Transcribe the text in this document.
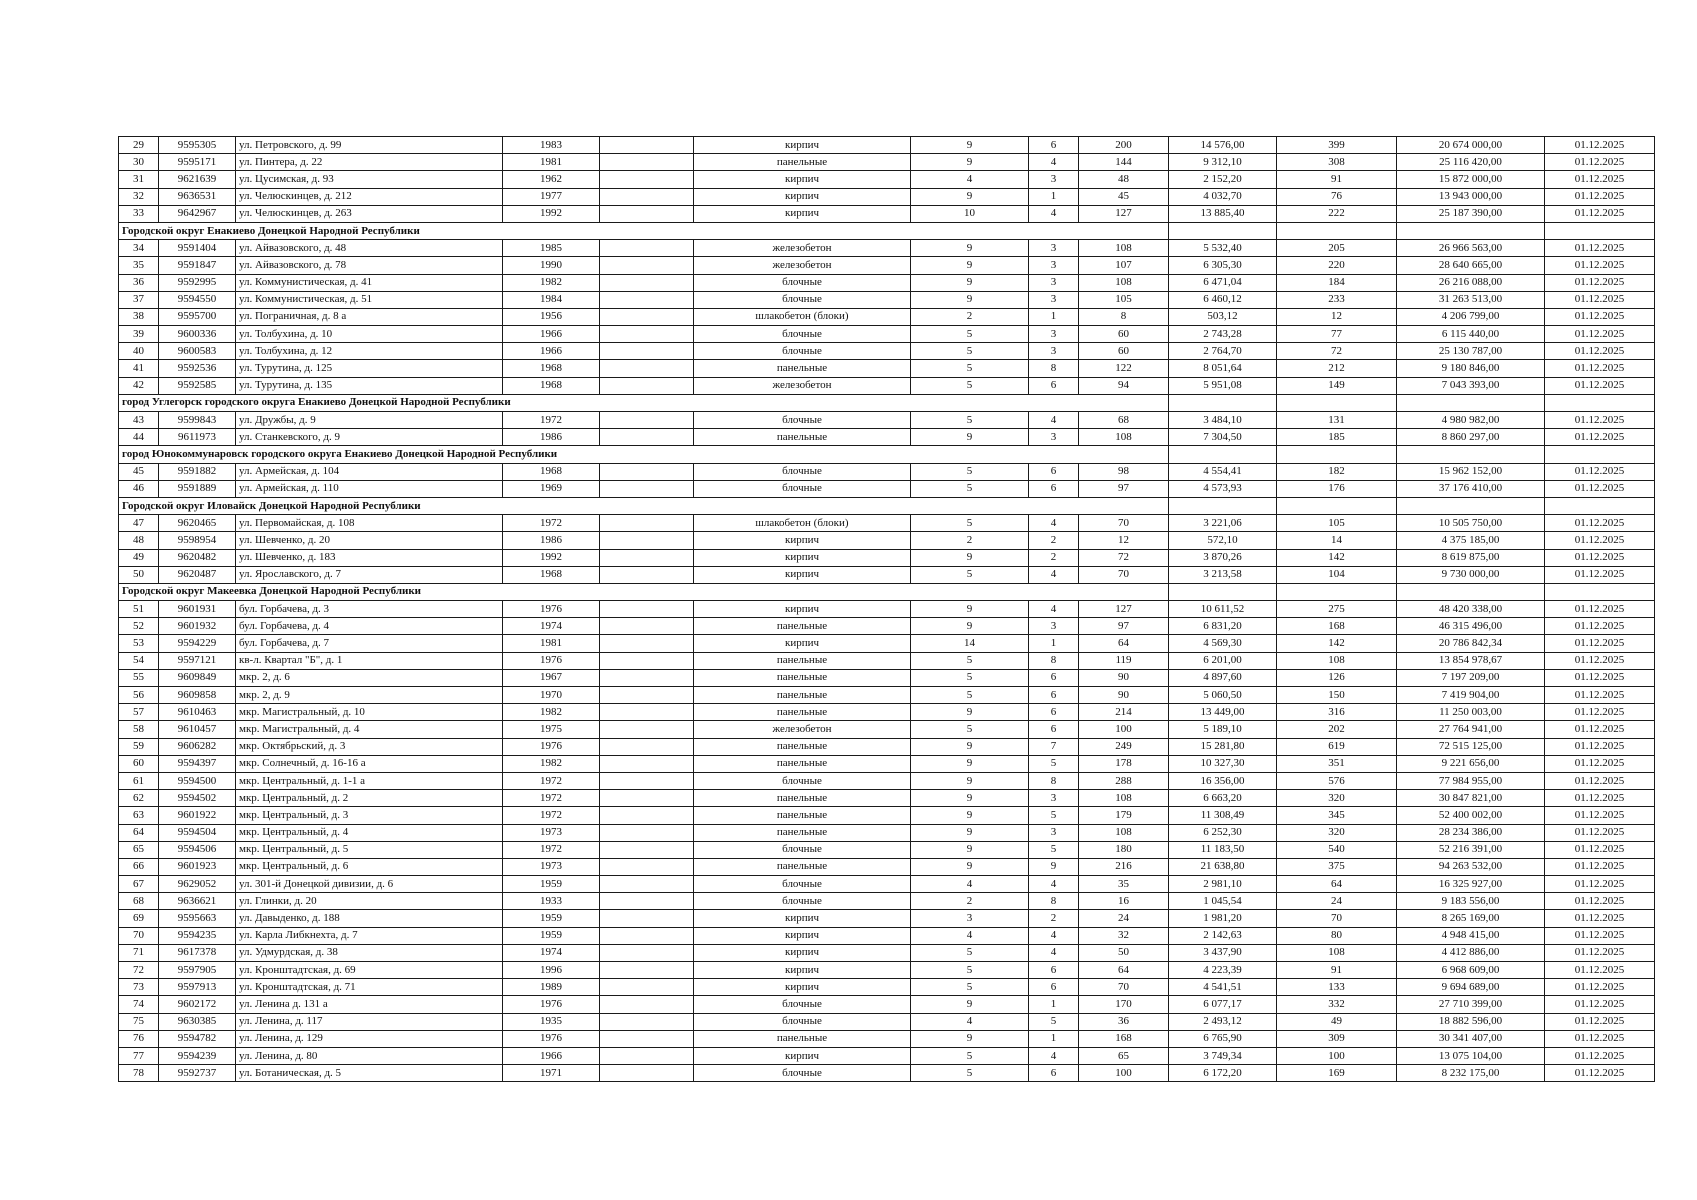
29	9595305	ул. Петровского, д. 99	1983		кирпич	9	6	200	14 576,00	399	20 674 000,00	01.12.2025
30	9595171	ул. Пинтера, д. 22	1981		панельные	9	4	144	9 312,10	308	25 116 420,00	01.12.2025
31	9621639	ул. Цусимская, д. 93	1962		кирпич	4	3	48	2 152,20	91	15 872 000,00	01.12.2025
32	9636531	ул. Челюскинцев, д. 212	1977		кирпич	9	1	45	4 032,70	76	13 943 000,00	01.12.2025
33	9642967	ул. Челюскинцев, д. 263	1992		кирпич	10	4	127	13 885,40	222	25 187 390,00	01.12.2025
Городской округ Енакиево Донецкой Народной Республики												
34	9591404	ул. Айвазовского, д. 48	1985		железобетон	9	3	108	5 532,40	205	26 966 563,00	01.12.2025
35	9591847	ул. Айвазовского, д. 78	1990		железобетон	9	3	107	6 305,30	220	28 640 665,00	01.12.2025
36	9592995	ул. Коммунистическая, д. 41	1982		блочные	9	3	108	6 471,04	184	26 216 088,00	01.12.2025
37	9594550	ул. Коммунистическая, д. 51	1984		блочные	9	3	105	6 460,12	233	31 263 513,00	01.12.2025
38	9595700	ул. Пограничная, д. 8 а	1956		шлакобетон (блоки)	2	1	8	503,12	12	4 206 799,00	01.12.2025
39	9600336	ул. Толбухина, д. 10	1966		блочные	5	3	60	2 743,28	77	6 115 440,00	01.12.2025
40	9600583	ул. Толбухина, д. 12	1966		блочные	5	3	60	2 764,70	72	25 130 787,00	01.12.2025
41	9592536	ул. Турутина, д. 125	1968		панельные	5	8	122	8 051,64	212	9 180 846,00	01.12.2025
42	9592585	ул. Турутина, д. 135	1968		железобетон	5	6	94	5 951,08	149	7 043 393,00	01.12.2025
город Углегорск городского округа Енакиево Донецкой Народной Республики												
43	9599843	ул. Дружбы, д. 9	1972		блочные	5	4	68	3 484,10	131	4 980 982,00	01.12.2025
44	9611973	ул. Станкевского, д. 9	1986		панельные	9	3	108	7 304,50	185	8 860 297,00	01.12.2025
город Юнокоммунаровск городского округа Енакиево Донецкой Народной Республики												
45	9591882	ул. Армейская, д. 104	1968		блочные	5	6	98	4 554,41	182	15 962 152,00	01.12.2025
46	9591889	ул. Армейская, д. 110	1969		блочные	5	6	97	4 573,93	176	37 176 410,00	01.12.2025
Городской округ Иловайск Донецкой Народной Республики												
47	9620465	ул. Первомайская, д. 108	1972		шлакобетон (блоки)	5	4	70	3 221,06	105	10 505 750,00	01.12.2025
48	9598954	ул. Шевченко, д. 20	1986		кирпич	2	2	12	572,10	14	4 375 185,00	01.12.2025
49	9620482	ул. Шевченко, д. 183	1992		кирпич	9	2	72	3 870,26	142	8 619 875,00	01.12.2025
50	9620487	ул. Ярославского, д. 7	1968		кирпич	5	4	70	3 213,58	104	9 730 000,00	01.12.2025
Городской округ Макеевка Донецкой Народной Республики												
51	9601931	бул. Горбачева, д. 3	1976		кирпич	9	4	127	10 611,52	275	48 420 338,00	01.12.2025
52	9601932	бул. Горбачева, д. 4	1974		панельные	9	3	97	6 831,20	168	46 315 496,00	01.12.2025
53	9594229	бул. Горбачева, д. 7	1981		кирпич	14	1	64	4 569,30	142	20 786 842,34	01.12.2025
54	9597121	кв-л. Квартал "Б", д. 1	1976		панельные	5	8	119	6 201,00	108	13 854 978,67	01.12.2025
55	9609849	мкр. 2, д. 6	1967		панельные	5	6	90	4 897,60	126	7 197 209,00	01.12.2025
56	9609858	мкр. 2, д. 9	1970		панельные	5	6	90	5 060,50	150	7 419 904,00	01.12.2025
57	9610463	мкр. Магистральный, д. 10	1982		панельные	9	6	214	13 449,00	316	11 250 003,00	01.12.2025
58	9610457	мкр. Магистральный, д. 4	1975		железобетон	5	6	100	5 189,10	202	27 764 941,00	01.12.2025
59	9606282	мкр. Октябрьский, д. 3	1976		панельные	9	7	249	15 281,80	619	72 515 125,00	01.12.2025
60	9594397	мкр. Солнечный, д. 16-16 а	1982		панельные	9	5	178	10 327,30	351	9 221 656,00	01.12.2025
61	9594500	мкр. Центральный, д. 1-1 а	1972		блочные	9	8	288	16 356,00	576	77 984 955,00	01.12.2025
62	9594502	мкр. Центральный, д. 2	1972		панельные	9	3	108	6 663,20	320	30 847 821,00	01.12.2025
63	9601922	мкр. Центральный, д. 3	1972		панельные	9	5	179	11 308,49	345	52 400 002,00	01.12.2025
64	9594504	мкр. Центральный, д. 4	1973		панельные	9	3	108	6 252,30	320	28 234 386,00	01.12.2025
65	9594506	мкр. Центральный, д. 5	1972		блочные	9	5	180	11 183,50	540	52 216 391,00	01.12.2025
66	9601923	мкр. Центральный, д. 6	1973		панельные	9	9	216	21 638,80	375	94 263 532,00	01.12.2025
67	9629052	ул. 301-й Донецкой дивизии, д. 6	1959		блочные	4	4	35	2 981,10	64	16 325 927,00	01.12.2025
68	9636621	ул. Глинки, д. 20	1933		блочные	2	8	16	1 045,54	24	9 183 556,00	01.12.2025
69	9595663	ул. Давыденко, д. 188	1959		кирпич	3	2	24	1 981,20	70	8 265 169,00	01.12.2025
70	9594235	ул. Карла Либкнехта, д. 7	1959		кирпич	4	4	32	2 142,63	80	4 948 415,00	01.12.2025
71	9617378	ул. Удмурдская, д. 38	1974		кирпич	5	4	50	3 437,90	108	4 412 886,00	01.12.2025
72	9597905	ул. Кронштадтская, д. 69	1996		кирпич	5	6	64	4 223,39	91	6 968 609,00	01.12.2025
73	9597913	ул. Кронштадтская, д. 71	1989		кирпич	5	6	70	4 541,51	133	9 694 689,00	01.12.2025
74	9602172	ул. Ленина д. 131 а	1976		блочные	9	1	170	6 077,17	332	27 710 399,00	01.12.2025
75	9630385	ул. Ленина, д. 117	1935		блочные	4	5	36	2 493,12	49	18 882 596,00	01.12.2025
76	9594782	ул. Ленина, д. 129	1976		панельные	9	1	168	6 765,90	309	30 341 407,00	01.12.2025
77	9594239	ул. Ленина, д. 80	1966		кирпич	5	4	65	3 749,34	100	13 075 104,00	01.12.2025
78	9592737	ул. Ботаническая, д. 5	1971		блочные	5	6	100	6 172,20	169	8 232 175,00	01.12.2025
